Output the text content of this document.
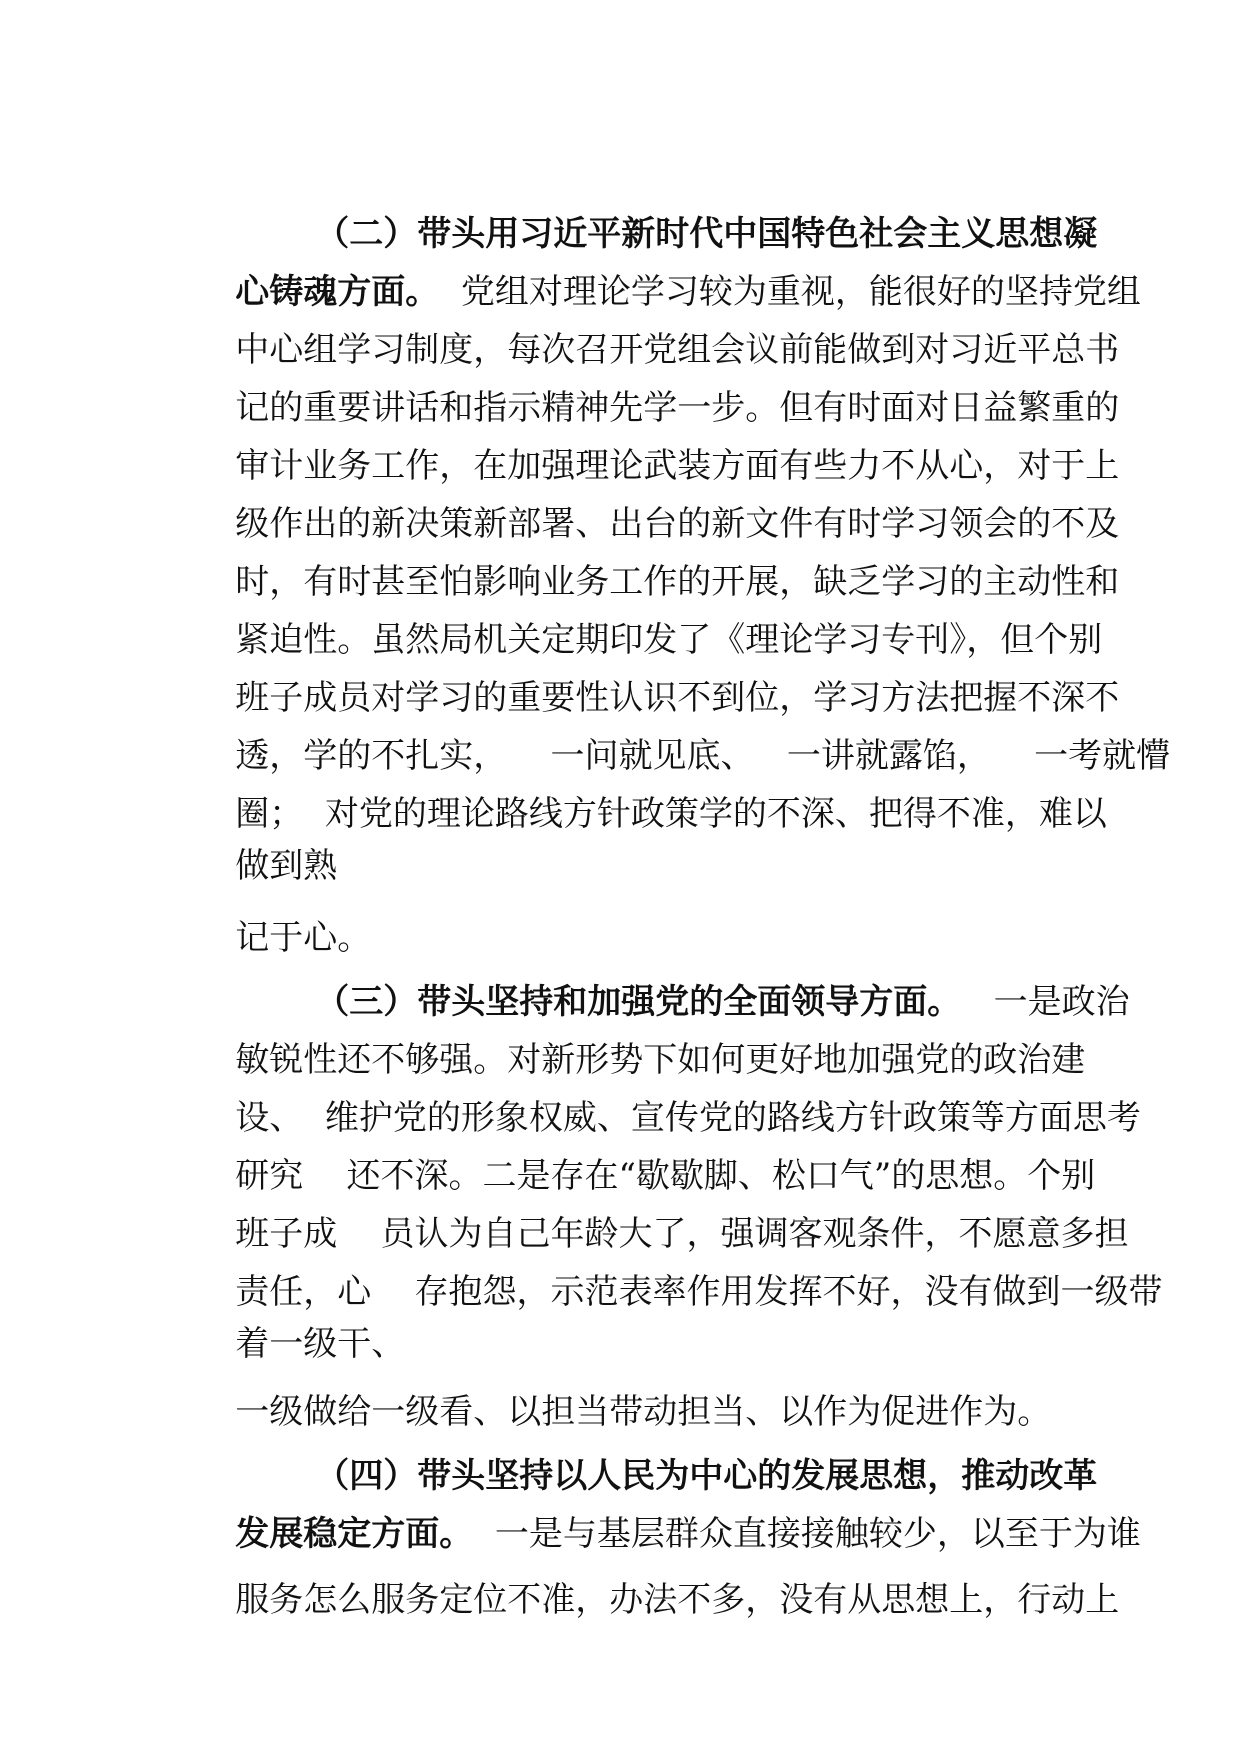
（二）带头用习近平新时代中国特色社会主义思想凝

心铸魂方面。  党组对理论学习较为重视，能很好的坚持党组

中心组学习制度，每次召开党组会议前能做到对习近平总书

记的重要讲话和指示精神先学一步。但有时面对日益繁重的

审计业务工作，在加强理论武装方面有些力不从心，对于上

级作出的新决策新部署、出台的新文件有时学习领会的不及

时，有时甚至怕影响业务工作的开展，缺乏学习的主动性和

紧迫性。虽然局机关定期印发了《理论学习专刊》，但个别

班子成员对学习的重要性认识不到位，学习方法把握不深不

透，学的不扎实，    一问就见底、   一讲就露馅，    一考就懵

圈；  对党的理论路线方针政策学的不深、把得不准，难以

做到熟

记于心。

（三）带头坚持和加强党的全面领导方面。   一是政治

敏锐性还不够强。对新形势下如何更好地加强党的政治建

设、  维护党的形象权威、宣传党的路线方针政策等方面思考

研究    还不深。二是存在“歇歇脚、松口气”的思想。个别

班子成    员认为自己年龄大了，强调客观条件，不愿意多担

责任，心    存抱怨，示范表率作用发挥不好，没有做到一级带

着一级干、

一级做给一级看、以担当带动担当、以作为促进作为。

（四）带头坚持以人民为中心的发展思想，推动改革

发展稳定方面。  一是与基层群众直接接触较少，以至于为谁

服务怎么服务定位不准，办法不多，没有从思想上，行动上
